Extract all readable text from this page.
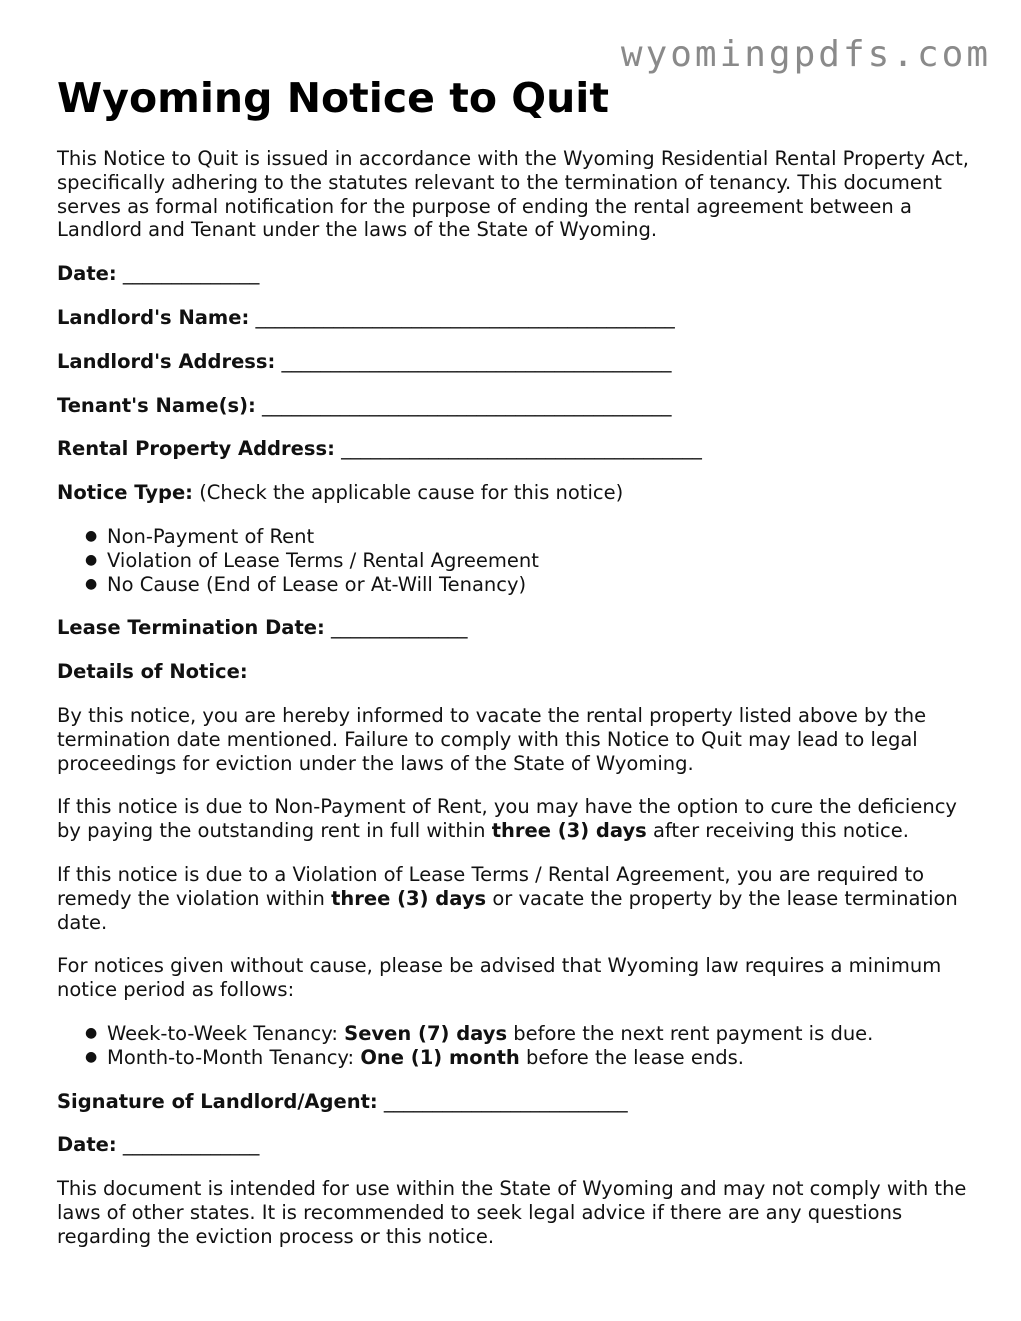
wyomingpdfs.com
Wyoming Notice to Quit

This Notice to Quit is issued in accordance with the Wyoming Residential Rental Property Act, specifically adhering to the statutes relevant to the termination of tenancy. This document serves as formal notification for the purpose of ending the rental agreement between a Landlord and Tenant under the laws of the State of Wyoming.

Date: ______________

Landlord's Name: ___________________________________________

Landlord's Address: ________________________________________

Tenant's Name(s): __________________________________________

Rental Property Address: _____________________________________

Notice Type: (Check the applicable cause for this notice)

● Non-Payment of Rent
● Violation of Lease Terms / Rental Agreement
● No Cause (End of Lease or At-Will Tenancy)

Lease Termination Date: ______________

Details of Notice:

By this notice, you are hereby informed to vacate the rental property listed above by the termination date mentioned. Failure to comply with this Notice to Quit may lead to legal proceedings for eviction under the laws of the State of Wyoming.

If this notice is due to Non-Payment of Rent, you may have the option to cure the deficiency by paying the outstanding rent in full within three (3) days after receiving this notice.

If this notice is due to a Violation of Lease Terms / Rental Agreement, you are required to remedy the violation within three (3) days or vacate the property by the lease termination date.

For notices given without cause, please be advised that Wyoming law requires a minimum notice period as follows:

● Week-to-Week Tenancy: Seven (7) days before the next rent payment is due.
● Month-to-Month Tenancy: One (1) month before the lease ends.

Signature of Landlord/Agent: _________________________

Date: ______________

This document is intended for use within the State of Wyoming and may not comply with the laws of other states. It is recommended to seek legal advice if there are any questions regarding the eviction process or this notice.
